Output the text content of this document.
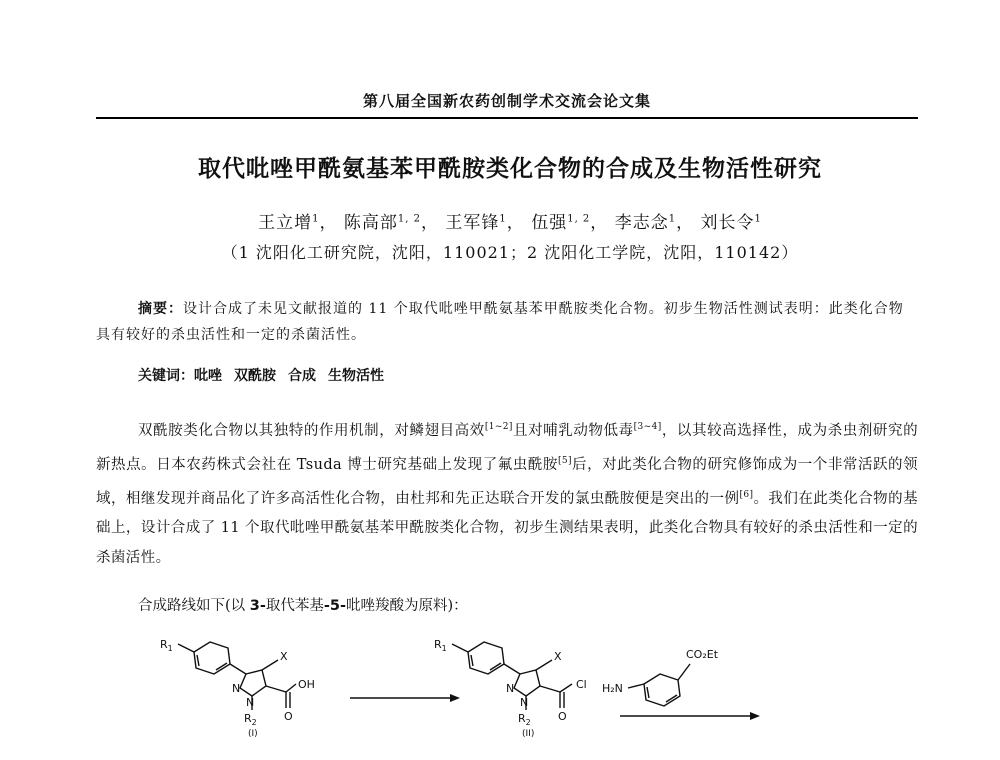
第八届全国新农药创制学术交流会论文集
取代吡唑甲酰氨基苯甲酰胺类化合物的合成及生物活性研究
王立增$^1$， 陈高部$^{1, 2}$， 王军锋$^1$， 伍强$^{1, 2}$， 李志念$^1$， 刘长令$^1$
（1 沈阳化工研究院，沈阳，110021；2 沈阳化工学院，沈阳，110142）
摘要：设计合成了未见文献报道的 11 个取代吡唑甲酰氨基苯甲酰胺类化合物。初步生物活性测试表明：此类化合物具有较好的杀虫活性和一定的杀菌活性。
关键词：吡唑 双酰胺 合成 生物活性
双酰胺类化合物以其独特的作用机制，对鳞翅目高效[1~2]且对哺乳动物低毒[3~4]，以其较高选择性，成为杀虫剂研究的新热点。日本农药株式会社在 Tsuda 博士研究基础上发现了氟虫酰胺[5]后，对此类化合物的研究修饰成为一个非常活跃的领域，相继发现并商品化了许多高活性化合物，由杜邦和先正达联合开发的氯虫酰胺便是突出的一例[6]。我们在此类化合物的基础上，设计合成了 11 个取代吡唑甲酰氨基苯甲酰胺类化合物，初步生测结果表明，此类化合物具有较好的杀虫活性和一定的杀菌活性。
合成路线如下(以 3-取代苯基-5-吡唑羧酸为原料)：
$R_1$
X
N
N
OH
O
$R_2$
(I)
$R_1$
X
N
N
Cl
O
$R_2$
(II)
H₂N
CO₂Et
